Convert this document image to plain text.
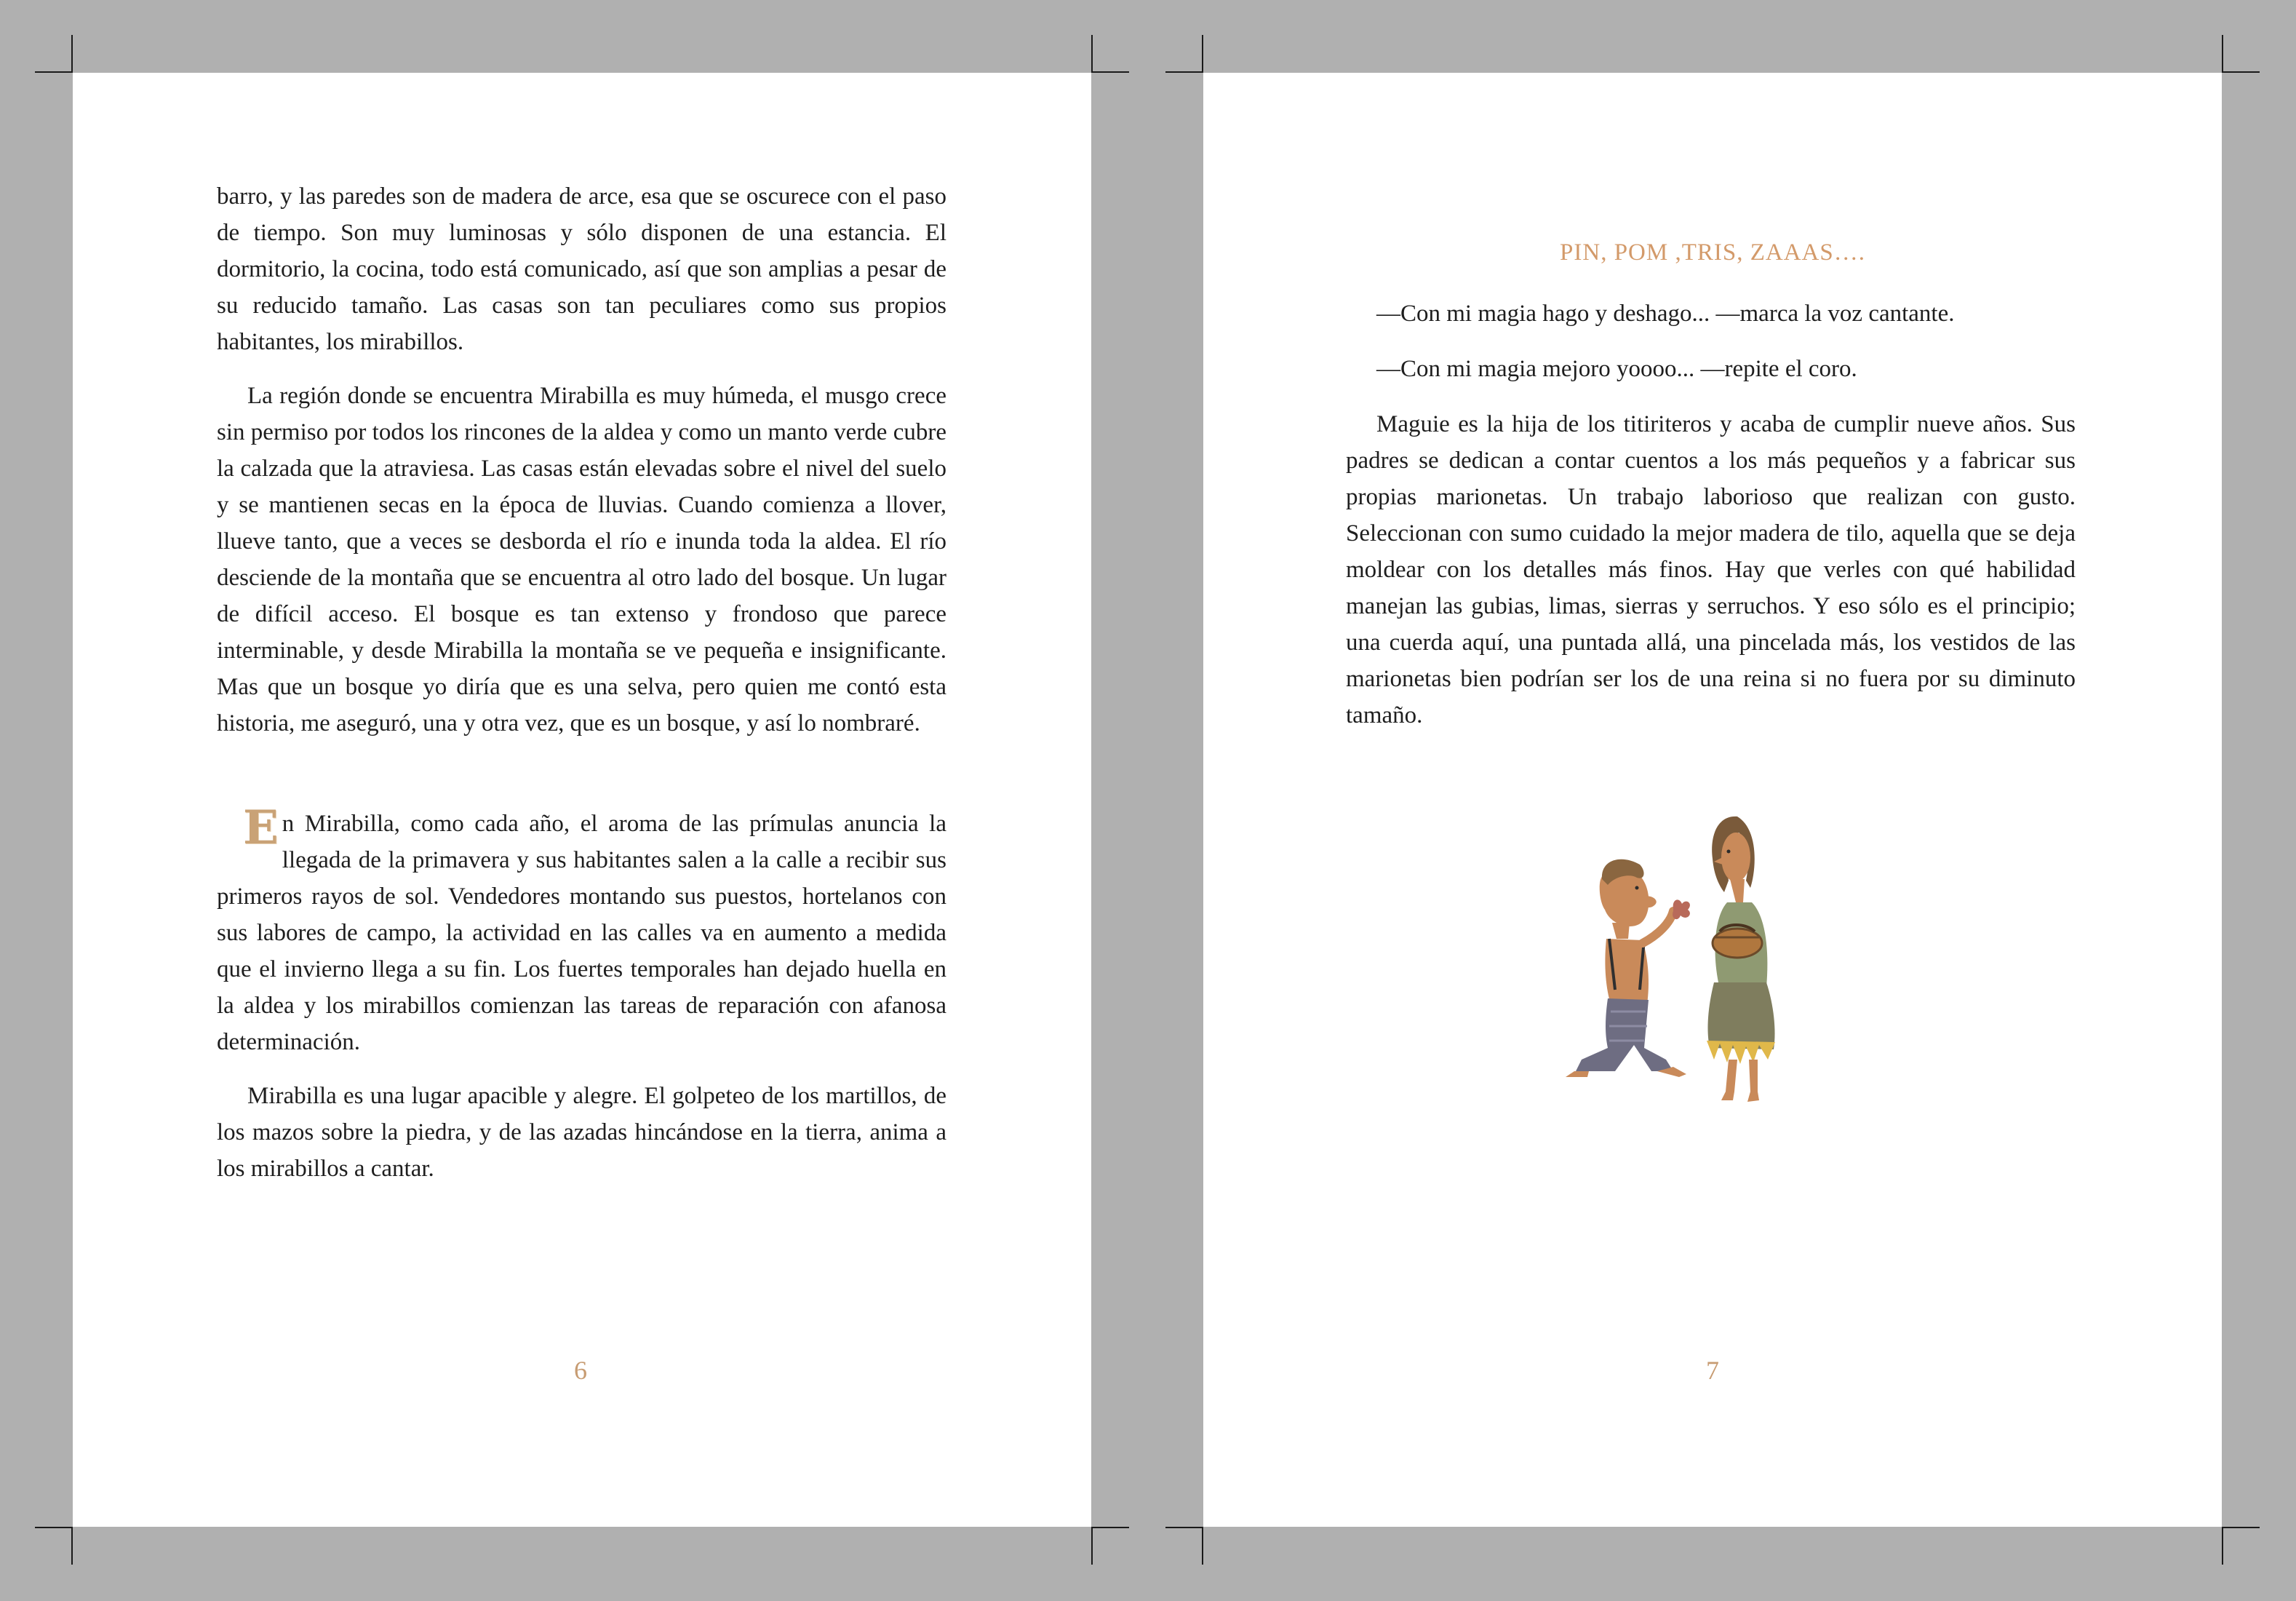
barro, y las paredes son de madera de arce, esa que se oscurece con el paso de tiempo. Son muy luminosas y sólo disponen de una estancia. El dormitorio, la cocina, todo está comunicado, así que son amplias a pesar de su reducido tamaño. Las casas son tan peculiares como sus propios habitantes, los mirabillos.

La región donde se encuentra Mirabilla es muy húmeda, el musgo crece sin permiso por todos los rincones de la aldea y como un manto verde cubre la calzada que la atraviesa. Las casas están elevadas sobre el nivel del suelo y se mantienen secas en la época de lluvias. Cuando comienza a llover, llueve tanto, que a veces se desborda el río e inunda toda la aldea. El río desciende de la montaña que se encuentra al otro lado del bosque. Un lugar de difícil acceso. El bosque es tan extenso y frondoso que parece interminable, y desde Mirabilla la montaña se ve pequeña e insignificante. Mas que un bosque yo diría que es una selva, pero quien me contó esta historia, me aseguró, una y otra vez, que es un bosque, y así lo nombraré.

En Mirabilla, como cada año, el aroma de las prímulas anuncia la llegada de la primavera y sus habitantes salen a la calle a recibir sus primeros rayos de sol. Vendedores montando sus puestos, hortelanos con sus labores de campo, la actividad en las calles va en aumento a medida que el invierno llega a su fin. Los fuertes temporales han dejado huella en la aldea y los mirabillos comienzan las tareas de reparación con afanosa determinación.

Mirabilla es una lugar apacible y alegre. El golpeteo de los martillos, de los mazos sobre la piedra, y de las azadas hincándose en la tierra, anima a los mirabillos a cantar.

6
PIN, POM ,TRIS, ZAAAS….

—Con mi magia hago y deshago... —marca la voz cantante.

—Con mi magia mejoro yoooo... —repite el coro.

Maguie es la hija de los titiriteros y acaba de cumplir nueve años. Sus padres se dedican a contar cuentos a los más pequeños y a fabricar sus propias marionetas. Un trabajo laborioso que realizan con gusto. Seleccionan con sumo cuidado la mejor madera de tilo, aquella que se deja moldear con los detalles más finos. Hay que verles con qué habilidad manejan las gubias, limas, sierras y serruchos. Y eso sólo es el principio; una cuerda aquí, una puntada allá, una pincelada más, los vestidos de las marionetas bien podrían ser los de una reina si no fuera por su diminuto tamaño.

7
